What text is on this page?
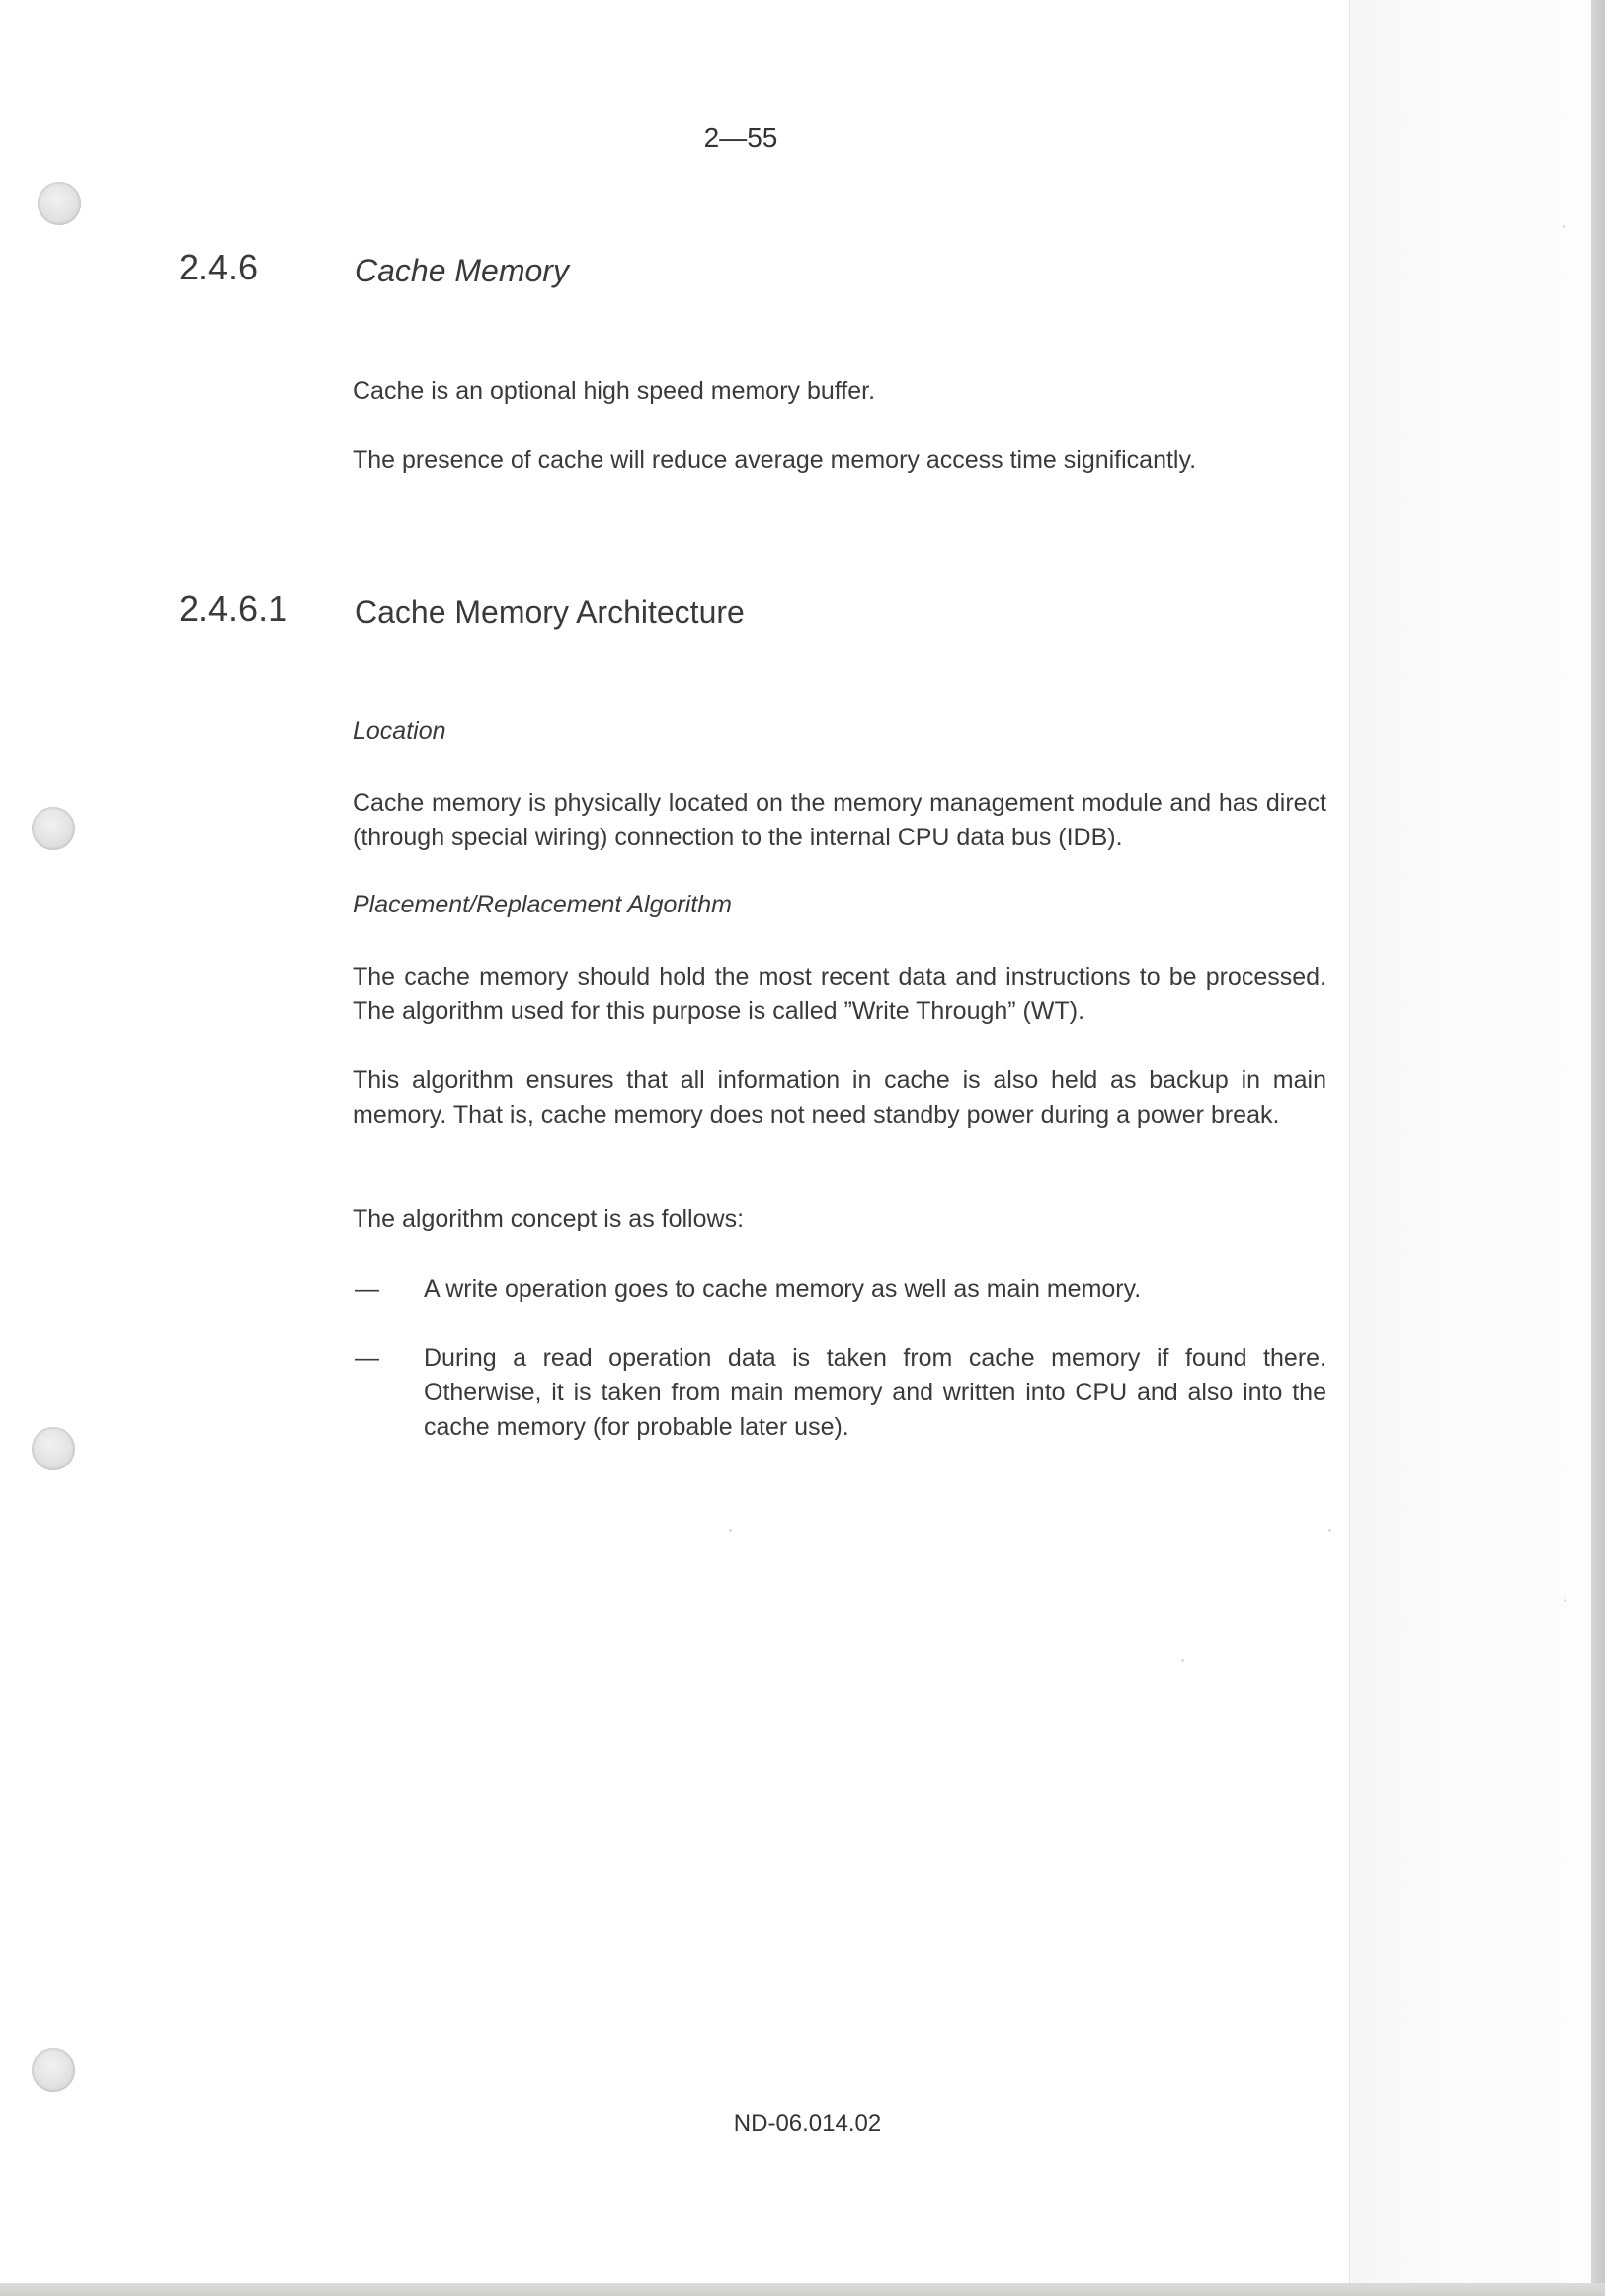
2—55
2.4.6	Cache Memory

Cache is an optional high speed memory buffer.

The presence of cache will reduce average memory access time significantly.

2.4.6.1 Cache Memory Architecture
Location

Cache memory is physically located on the memory management module and has direct (through special wiring) connection to the internal CPU data bus (IDB).

Placement/Replacement Algorithm

The cache memory should hold the most recent data and instructions to be processed. The algorithm used for this purpose is called ”Write Through” (WT).

This algorithm ensures that all information in cache is also held as backup in main memory. That is, cache memory does not need standby power during a power break.

The algorithm concept is as follows:

— A write operation goes to cache memory as well as main memory.

— During a read operation data is taken from cache memory if found there. Otherwise, it is taken from main memory and written into CPU and also into the cache memory (for probable later use).

ND-06.014.02
